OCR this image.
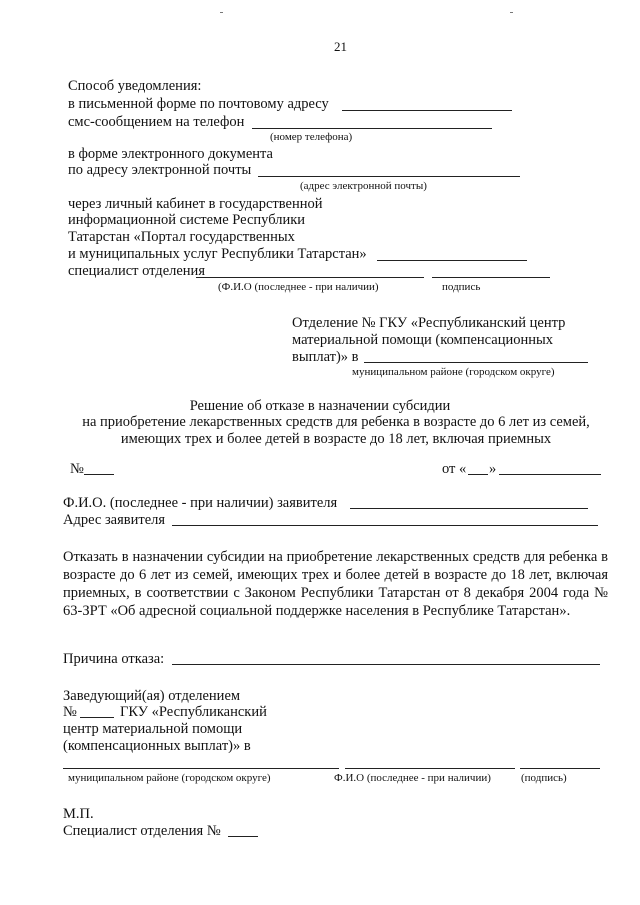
21
Способ уведомления:
в письменной форме по почтовому адресу
смс-сообщением на телефон
(номер телефона)
в форме электронного документа
по адресу электронной почты
(адрес электронной почты)
через личный кабинет в государственной
информационной системе Республики
Татарстан «Портал государственных
и муниципальных услуг Республики Татарстан»
специалист отделения
(Ф.И.О (последнее - при наличии)	подпись
Отделение № ГКУ «Республиканский центр
материальной помощи (компенсационных
выплат)» в
муниципальном районе (городском округе)
Решение об отказе в назначении субсидии
на приобретение лекарственных средств для ребенка в возрасте до 6 лет из семей,
имеющих трех и более детей в возрасте до 18 лет, включая приемных
№	от « »
Ф.И.О. (последнее - при наличии) заявителя
Адрес заявителя
Отказать в назначении субсидии на приобретение лекарственных средств для ребенка в возрасте до 6 лет из семей, имеющих трех и более детей в возрасте до 18 лет, включая приемных, в соответствии с Законом Республики Татарстан от 8 декабря 2004 года № 63-ЗРТ «Об адресной социальной поддержке населения в Республике Татарстан».
Причина отказа:
Заведующий(ая) отделением
№	ГКУ «Республиканский
центр материальной помощи
(компенсационных выплат)» в
муниципальном районе (городском округе)	Ф.И.О (последнее - при наличии)	(подпись)
М.П.
Специалист отделения №
